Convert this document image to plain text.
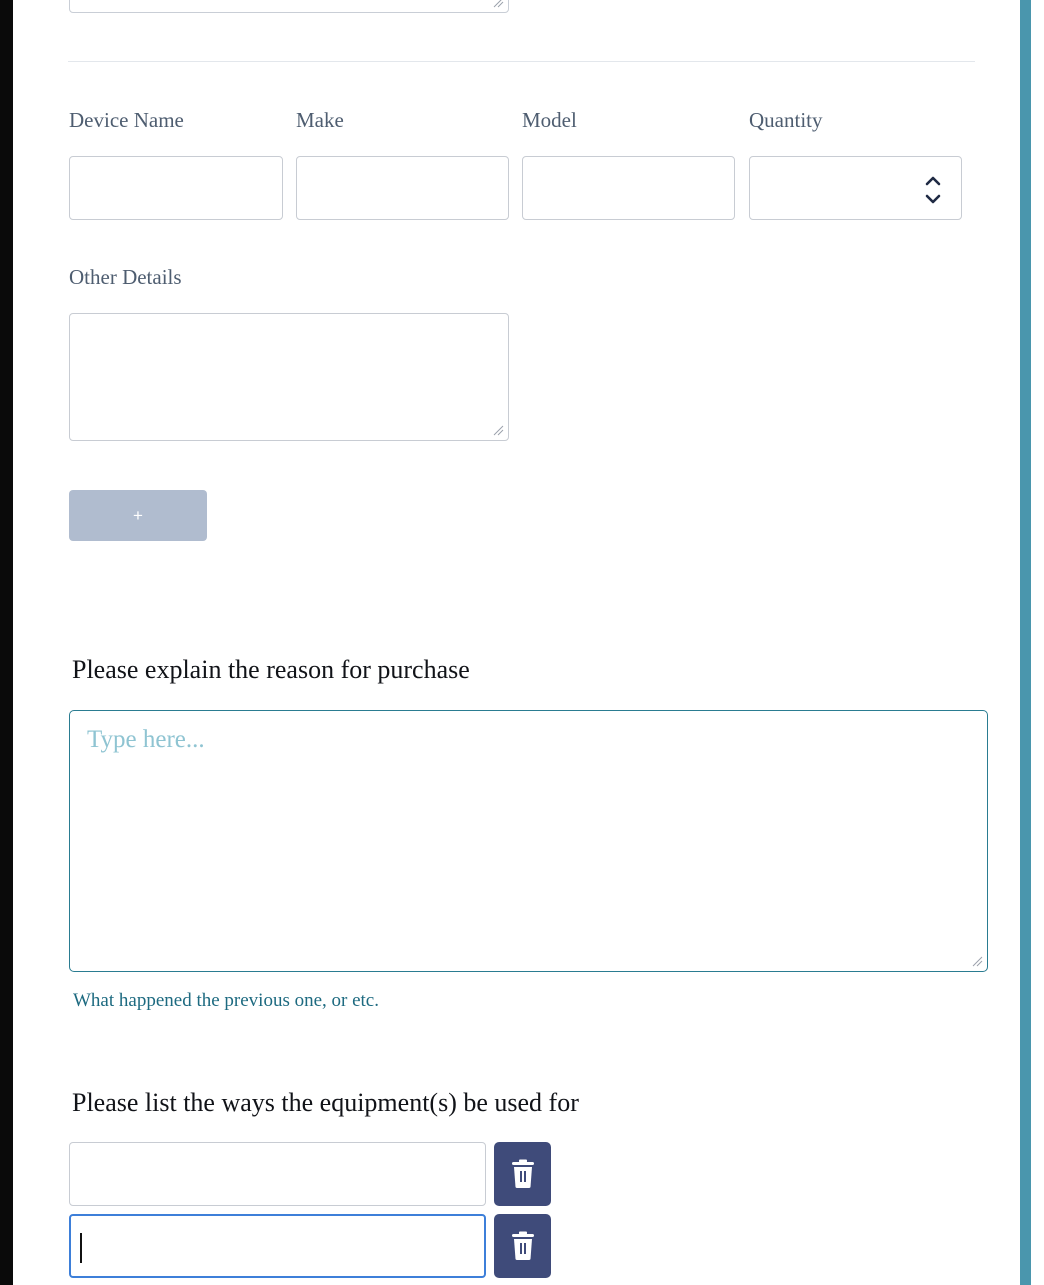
Device Name	Make	Model	Quantity
Other Details
+
Please explain the reason for purchase
Type here...
What happened the previous one, or etc.
Please list the ways the equipment(s) be used for
